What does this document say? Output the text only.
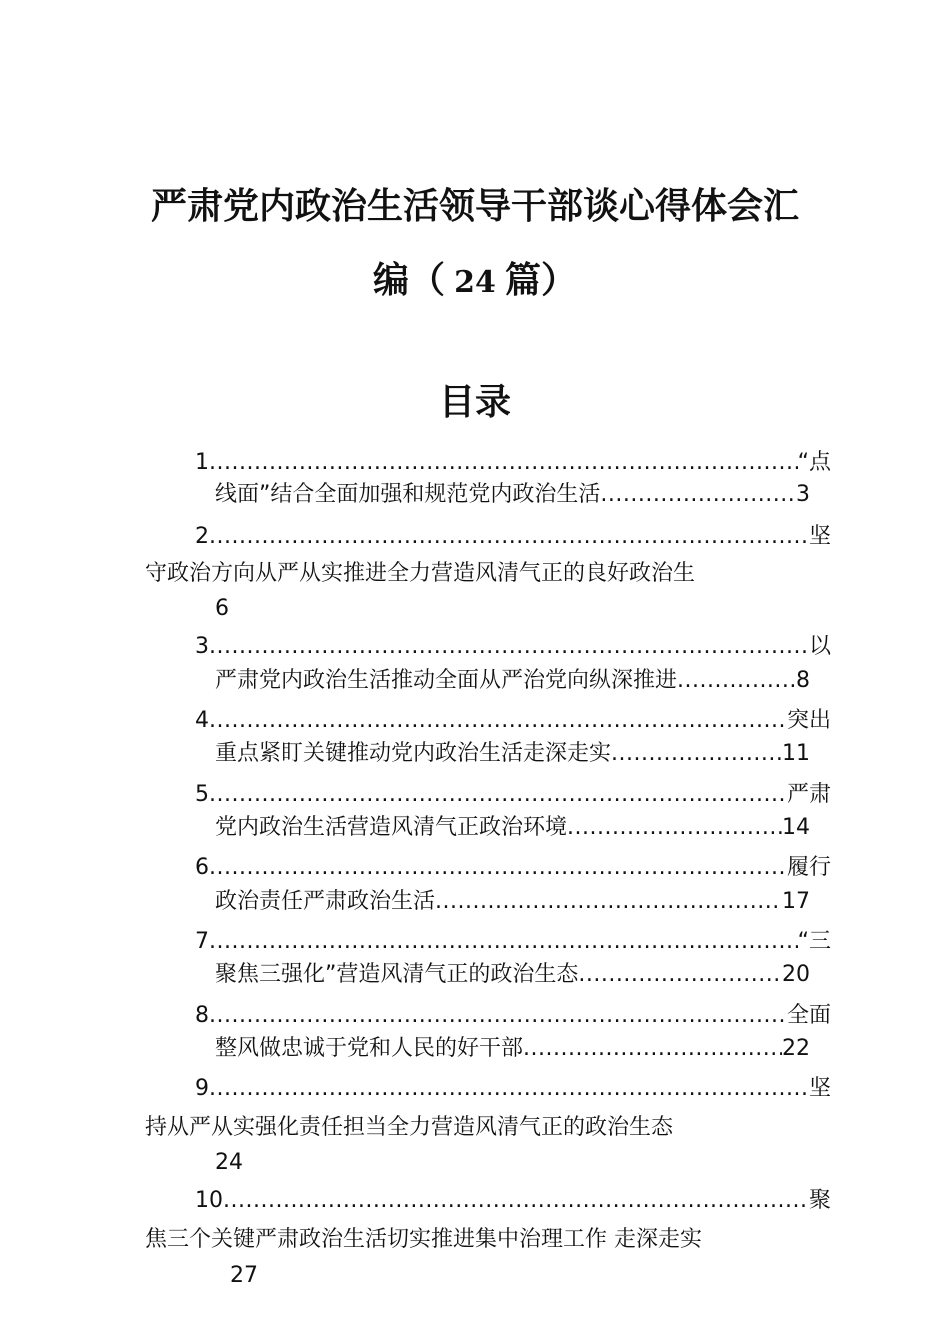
严肃党内政治生活领导干部谈心得体会汇
编（ 24 篇）
目录
1 .....	“点
线面”结合全面加强和规范党内政治生活 .....	3
2 .....	坚
守政治方向从严从实推进全力营造风清气正的良好政治生
6
3 .....	以
严肃党内政治生活推动全面从严治党向纵深推进 .....	8
4 .....	突出
重点紧盯关键推动党内政治生活走深走实 .....	11
5 .....	严肃
党内政治生活营造风清气正政治环境 .....	14
6 .....	履行
政治责任严肃政治生活 .....	17
7 .....	“三
聚焦三强化”营造风清气正的政治生态 .....	20
8 .....	全面
整风做忠诚于党和人民的好干部 .....	22
9 .....	坚
持从严从实强化责任担当全力营造风清气正的政治生态
24
10 .....	聚
焦三个关键严肃政治生活切实推进集中治理工作 走深走实
27
